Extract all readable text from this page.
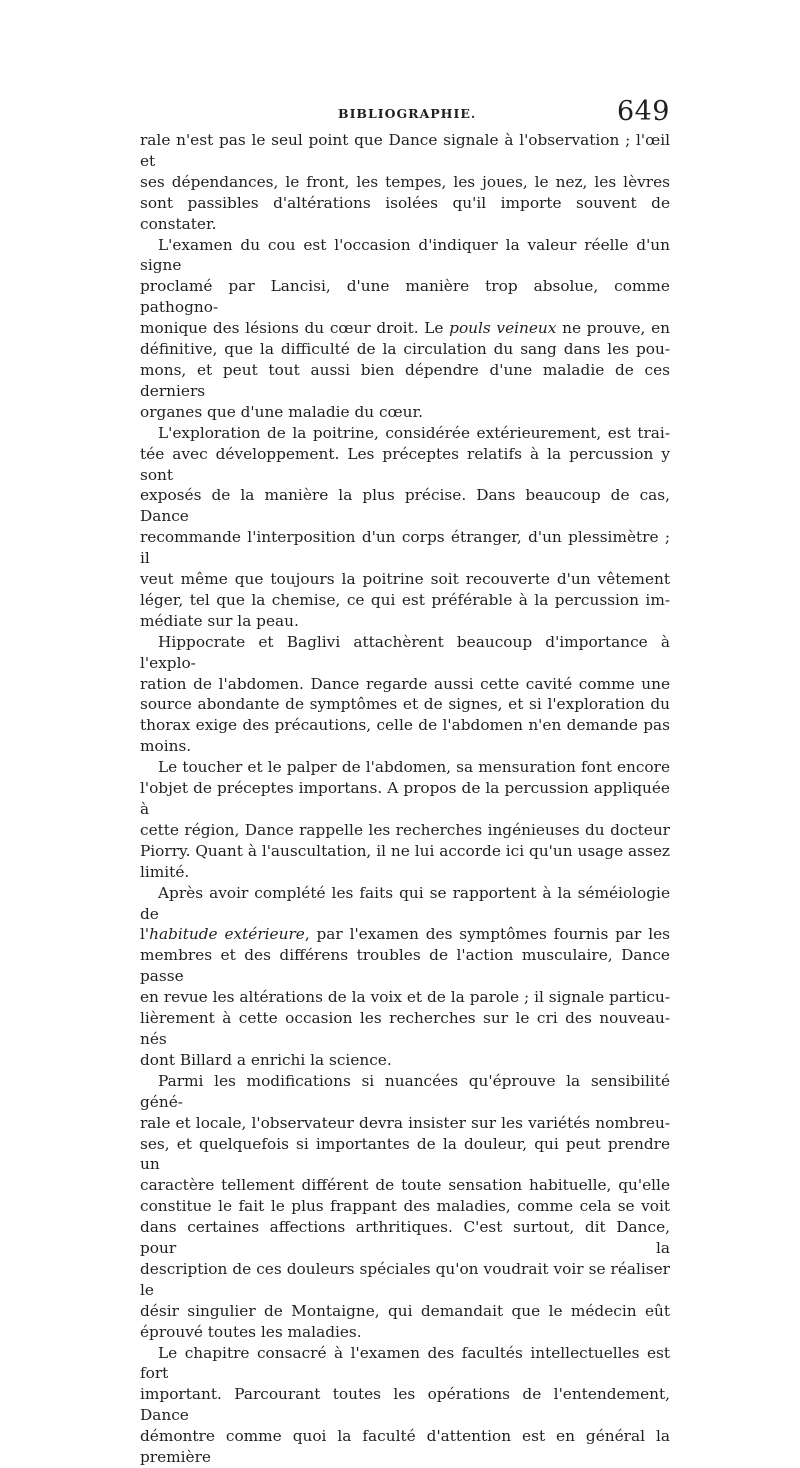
BIBLIOGRAPHIE.	649

rale n'est pas le seul point que Dance signale à l'observation ; l'œil et
ses dépendances, le front, les tempes, les joues, le nez, les lèvres
sont passibles d'altérations isolées qu'il importe souvent de constater.

L'examen du cou est l'occasion d'indiquer la valeur réelle d'un signe
proclamé par Lancisi, d'une manière trop absolue, comme pathogno-
monique des lésions du cœur droit. Le pouls veineux ne prouve, en
définitive, que la difficulté de la circulation du sang dans les pou-
mons, et peut tout aussi bien dépendre d'une maladie de ces derniers
organes que d'une maladie du cœur.

L'exploration de la poitrine, considérée extérieurement, est trai-
tée avec développement. Les préceptes relatifs à la percussion y sont
exposés de la manière la plus précise. Dans beaucoup de cas, Dance
recommande l'interposition d'un corps étranger, d'un plessimètre ; il
veut même que toujours la poitrine soit recouverte d'un vêtement
léger, tel que la chemise, ce qui est préférable à la percussion im-
médiate sur la peau.

Hippocrate et Baglivi attachèrent beaucoup d'importance à l'explo-
ration de l'abdomen. Dance regarde aussi cette cavité comme une
source abondante de symptômes et de signes, et si l'exploration du
thorax exige des précautions, celle de l'abdomen n'en demande pas
moins.

Le toucher et le palper de l'abdomen, sa mensuration font encore
l'objet de préceptes importans. A propos de la percussion appliquée à
cette région, Dance rappelle les recherches ingénieuses du docteur
Piorry. Quant à l'auscultation, il ne lui accorde ici qu'un usage assez
limité.

Après avoir complété les faits qui se rapportent à la séméiologie de
l'habitude extérieure, par l'examen des symptômes fournis par les
membres et des différens troubles de l'action musculaire, Dance passe
en revue les altérations de la voix et de la parole ; il signale particu-
lièrement à cette occasion les recherches sur le cri des nouveau-nés
dont Billard a enrichi la science.

Parmi les modifications si nuancées qu'éprouve la sensibilité géné-
rale et locale, l'observateur devra insister sur les variétés nombreu-
ses, et quelquefois si importantes de la douleur, qui peut prendre un
caractère tellement différent de toute sensation habituelle, qu'elle
constitue le fait le plus frappant des maladies, comme cela se voit
dans certaines affections arthritiques. C'est surtout, dit Dance, pour la
description de ces douleurs spéciales qu'on voudrait voir se réaliser le
désir singulier de Montaigne, qui demandait que le médecin eût
éprouvé toutes les maladies.

Le chapitre consacré à l'examen des facultés intellectuelles est fort
important. Parcourant toutes les opérations de l'entendement, Dance
démontre comme quoi la faculté d'attention est en général la première
